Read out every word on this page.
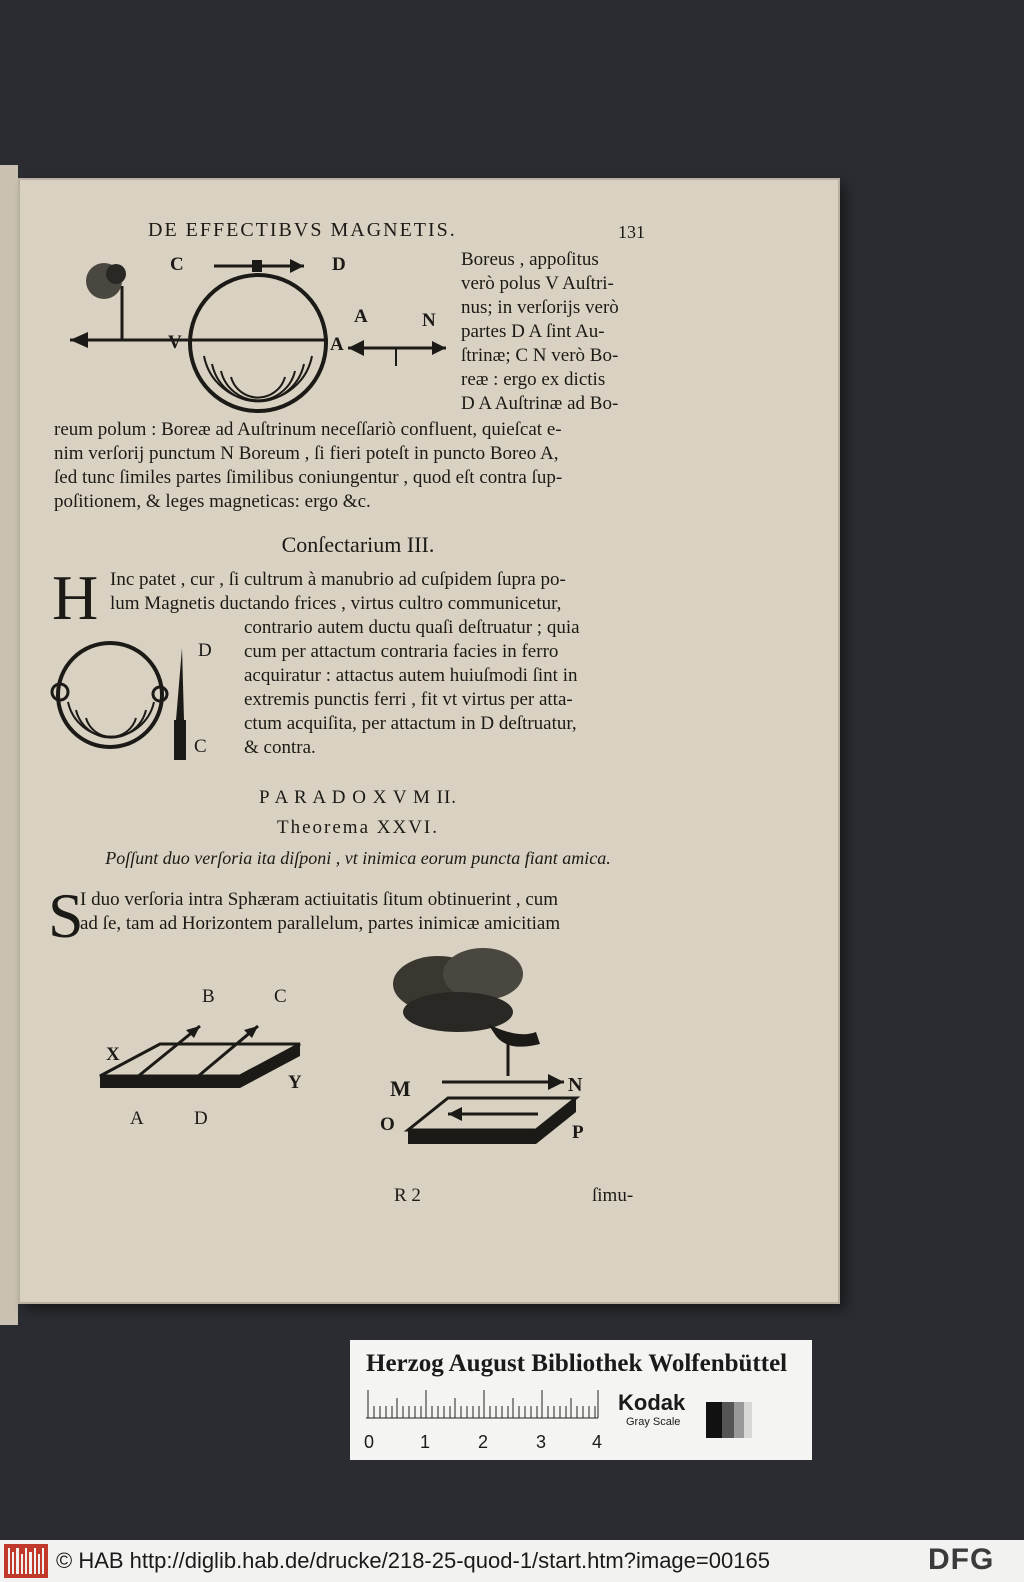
DE EFFECTIBVS MAGNETIS.	131
C	D
A	N
A
V
Boreus , appoſitus
verò polus V Auſtri-
nus; in verſorijs verò
partes D A ſint Au-
ſtrinæ; C N verò Bo-
reæ : ergo ex dictis
D A Auſtrinæ ad Bo-
reum polum : Boreæ ad Auſtrinum neceſſariò confluent, quieſcat e-
nim verſorij punctum N Boreum , ſi fieri poteſt in puncto Boreo A,
ſed tunc ſimiles partes ſimilibus coniungentur , quod eſt contra ſup-
poſitionem, & leges magneticas: ergo &c.
Conſectarium III.
H Inc patet , cur , ſi cultrum à manubrio ad cuſpidem ſupra po-
lum Magnetis ductando frices , virtus cultro communicetur,
D
C
contrario autem ductu quaſi deſtruatur ; quia
cum per attactum contraria facies in ferro
acquiratur : attactus autem huiuſmodi ſint in
extremis punctis ferri , fit vt virtus per atta-
ctum acquiſita, per attactum in D deſtruatur,
& contra.
P A R A D O X V M II.
Theorema XXVI.
Poſſunt duo verſoria ita diſponi , vt inimica eorum puncta fiant amica.
S
I duo verſoria intra Sphæram actiuitatis ſitum obtinuerint , cum
ad ſe, tam ad Horizontem parallelum, partes inimicæ amicitiam
B	C
X
Y
A	D
M	N
O	P
R 2	ſimu-
Herzog August Bibliothek Wolfenbüttel
0	1	2	3	4
Kodak
Gray Scale
© HAB http://diglib.hab.de/drucke/218-25-quod-1/start.htm?image=00165	DFG
